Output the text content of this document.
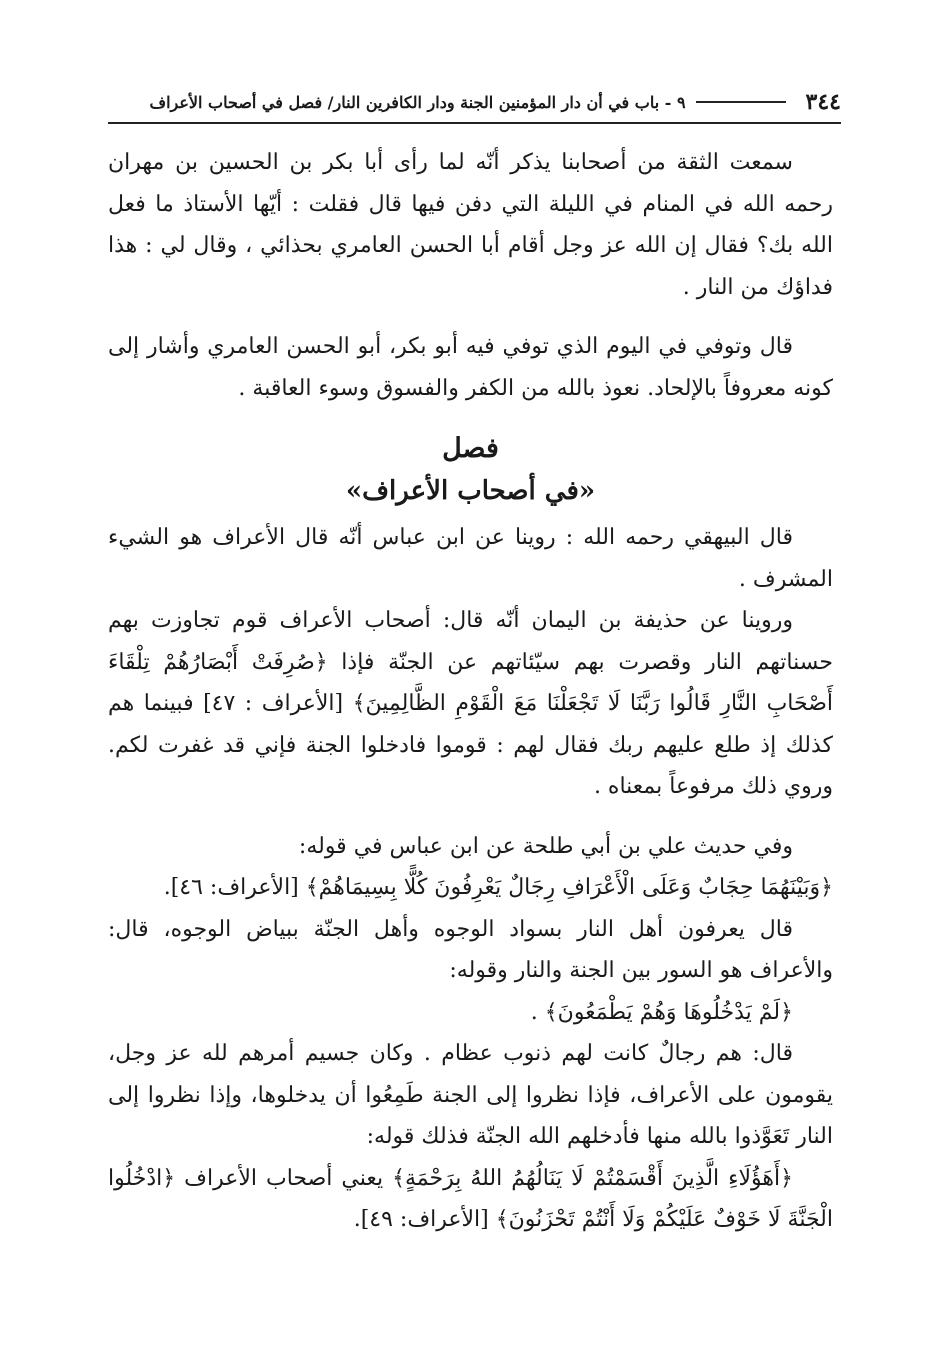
٣٤٤
٩ - باب في أن دار المؤمنين الجنة ودار الكافرين النار/ فصل في أصحاب الأعراف

سمعت الثقة من أصحابنا يذكر أنّه لما رأى أبا بكر بن الحسين بن مهران رحمه الله في المنام في الليلة التي دفن فيها قال فقلت : أيّها الأستاذ ما فعل الله بك؟ فقال إن الله عز وجل أقام أبا الحسن العامري بحذائي ، وقال لي : هذا فداؤك من النار .

قال وتوفي في اليوم الذي توفي فيه أبو بكر، أبو الحسن العامري وأشار إلى كونه معروفاً بالإلحاد. نعوذ بالله من الكفر والفسوق وسوء العاقبة .

فصل

«في أصحاب الأعراف»

قال البيهقي رحمه الله : روينا عن ابن عباس أنّه قال الأعراف هو الشيء المشرف .

وروينا عن حذيفة بن اليمان أنّه قال: أصحاب الأعراف قوم تجاوزت بهم حسناتهم النار وقصرت بهم سيّئاتهم عن الجنّة فإذا ﴿صُرِفَتْ أَبْصَارُهُمْ تِلْقَاءَ أَصْحَابِ النَّارِ قَالُوا رَبَّنَا لَا تَجْعَلْنَا مَعَ الْقَوْمِ الظَّالِمِينَ﴾ [الأعراف : ٤٧] فبينما هم كذلك إذ طلع عليهم ربك فقال لهم : قوموا فادخلوا الجنة فإني قد غفرت لكم. وروي ذلك مرفوعاً بمعناه .

وفي حديث علي بن أبي طلحة عن ابن عباس في قوله:

﴿وَبَيْنَهُمَا حِجَابٌ وَعَلَى الْأَعْرَافِ رِجَالٌ يَعْرِفُونَ كُلًّا بِسِيمَاهُمْ﴾ [الأعراف: ٤٦].

قال يعرفون أهل النار بسواد الوجوه وأهل الجنّة ببياض الوجوه، قال: والأعراف هو السور بين الجنة والنار وقوله:

﴿لَمْ يَدْخُلُوهَا وَهُمْ يَطْمَعُونَ﴾ .

قال: هم رجالٌ كانت لهم ذنوب عظام . وكان جسيم أمرهم لله عز وجل، يقومون على الأعراف، فإذا نظروا إلى الجنة طَمِعُوا أن يدخلوها، وإذا نظروا إلى النار تَعَوَّذوا بالله منها فأدخلهم الله الجنّة فذلك قوله:

﴿أَهَؤُلَاءِ الَّذِينَ أَقْسَمْتُمْ لَا يَنَالُهُمُ اللهُ بِرَحْمَةٍ﴾ يعني أصحاب الأعراف ﴿ادْخُلُوا الْجَنَّةَ لَا خَوْفٌ عَلَيْكُمْ وَلَا أَنْتُمْ تَحْزَنُونَ﴾ [الأعراف: ٤٩].
